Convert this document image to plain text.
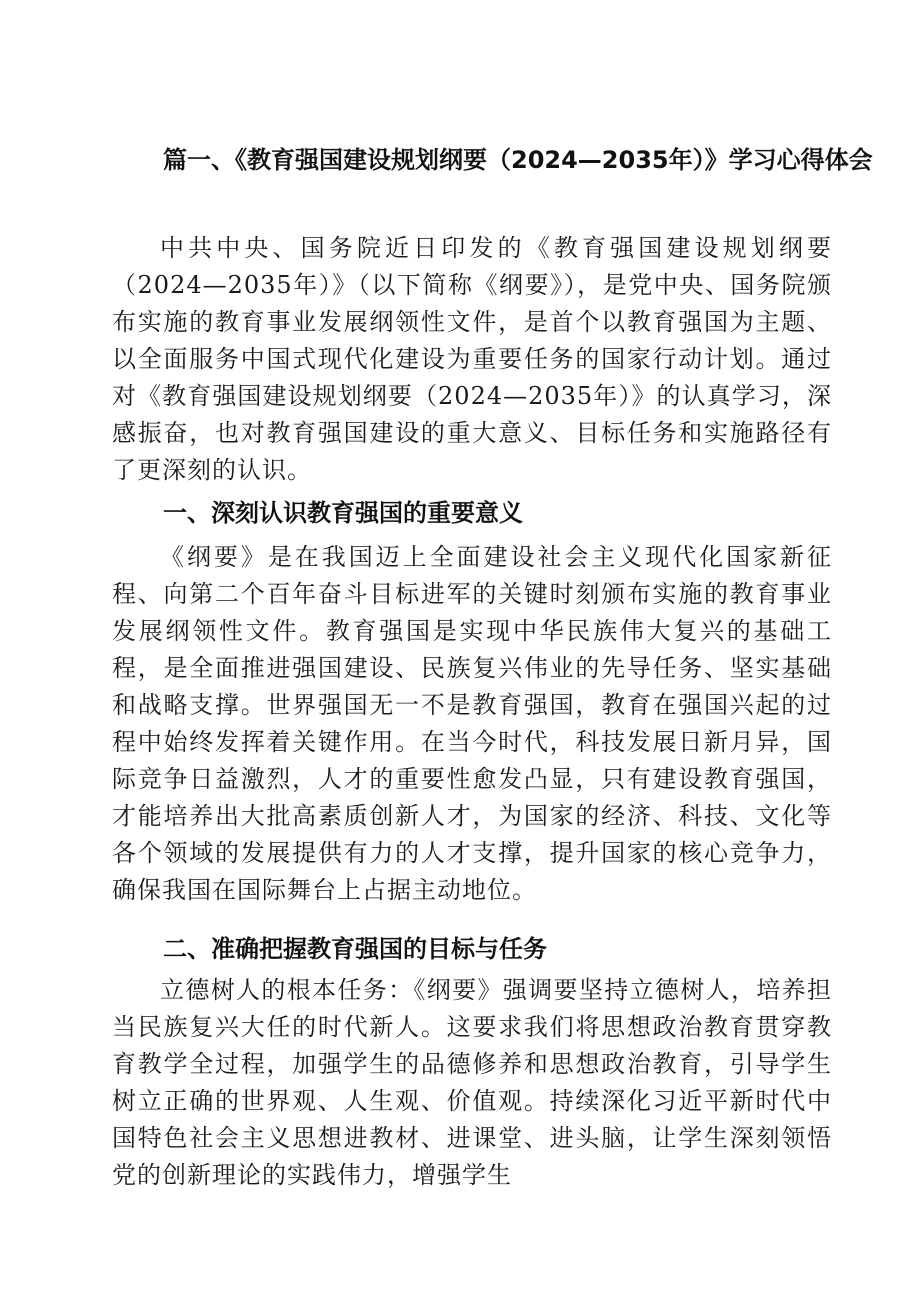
篇一、《教育强国建设规划纲要（2024—2035年）》学习心得体会
中共中央、国务院近日印发的《教育强国建设规划纲要（2024—2035年）》（以下简称《纲要》），是党中央、国务院颁布实施的教育事业发展纲领性文件，是首个以教育强国为主题、以全面服务中国式现代化建设为重要任务的国家行动计划。通过对《教育强国建设规划纲要（2024—2035年）》的认真学习，深感振奋，也对教育强国建设的重大意义、目标任务和实施路径有了更深刻的认识。
一、深刻认识教育强国的重要意义
《纲要》是在我国迈上全面建设社会主义现代化国家新征程、向第二个百年奋斗目标进军的关键时刻颁布实施的教育事业发展纲领性文件。教育强国是实现中华民族伟大复兴的基础工程，是全面推进强国建设、民族复兴伟业的先导任务、坚实基础和战略支撑。世界强国无一不是教育强国，教育在强国兴起的过程中始终发挥着关键作用。在当今时代，科技发展日新月异，国际竞争日益激烈，人才的重要性愈发凸显，只有建设教育强国，才能培养出大批高素质创新人才，为国家的经济、科技、文化等各个领域的发展提供有力的人才支撑，提升国家的核心竞争力，确保我国在国际舞台上占据主动地位。
二、准确把握教育强国的目标与任务
立德树人的根本任务：《纲要》强调要坚持立德树人，培养担当民族复兴大任的时代新人。这要求我们将思想政治教育贯穿教育教学全过程，加强学生的品德修养和思想政治教育，引导学生树立正确的世界观、人生观、价值观。持续深化习近平新时代中国特色社会主义思想进教材、进课堂、进头脑，让学生深刻领悟党的创新理论的实践伟力，增强学生
